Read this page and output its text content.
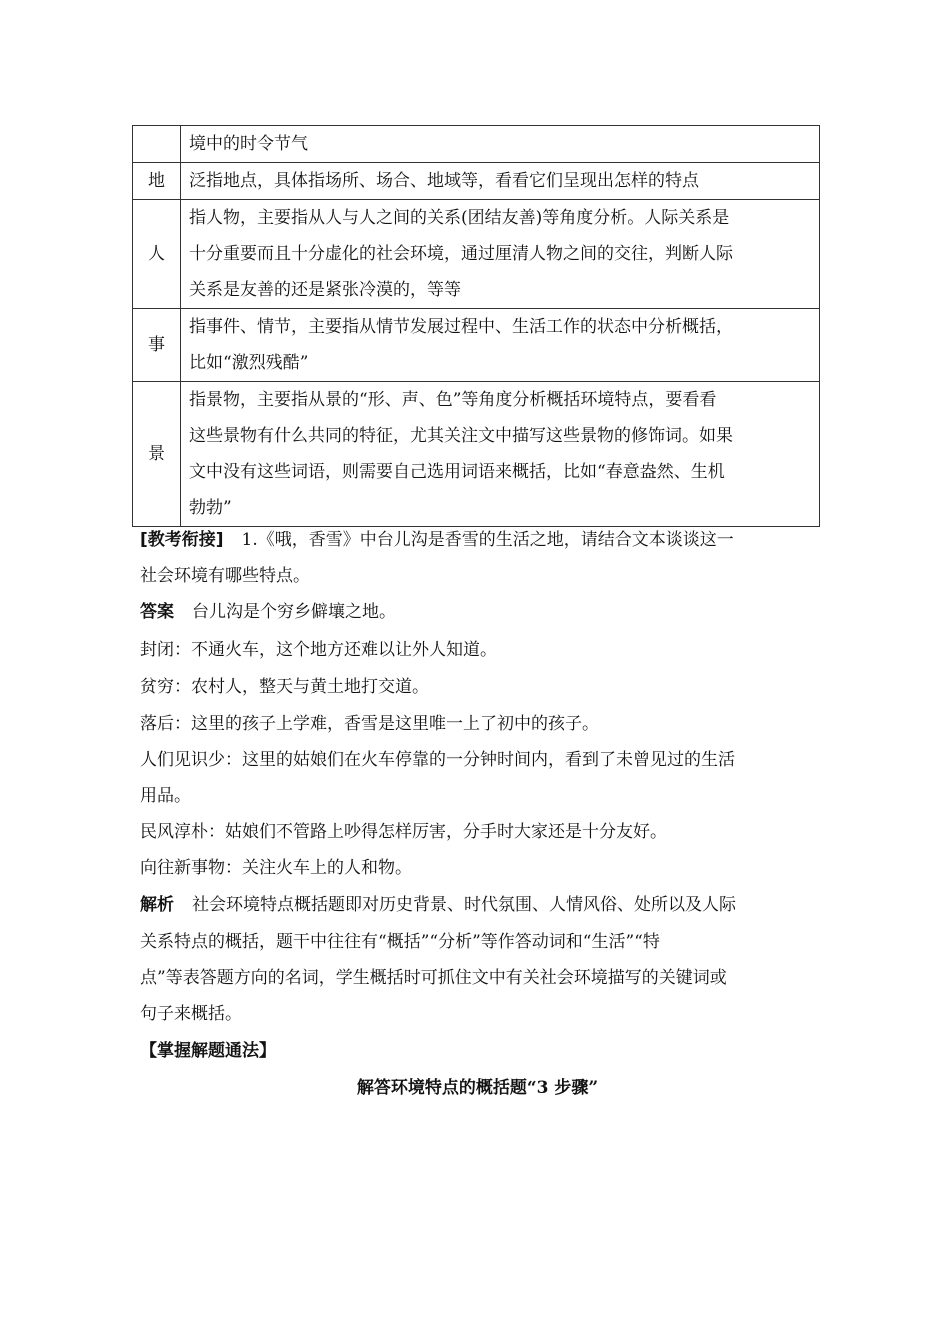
	境中的时令节气

地	泛指地点，具体指场所、场合、地域等，看看它们呈现出怎样的特点

人	指人物，主要指从人与人之间的关系(团结友善)等角度分析。人际关系是
十分重要而且十分虚化的社会环境，通过厘清人物之间的交往，判断人际
关系是友善的还是紧张冷漠的，等等

事	指事件、情节，主要指从情节发展过程中、生活工作的状态中分析概括，
比如“激烈残酷”

景	指景物，主要指从景的“形、声、色”等角度分析概括环境特点，要看看
这些景物有什么共同的特征，尤其关注文中描写这些景物的修饰词。如果
文中没有这些词语，则需要自己选用词语来概括，比如“春意盎然、生机
勃勃”
[教考衔接] 1.《哦，香雪》中台儿沟是香雪的生活之地，请结合文本谈谈这一
社会环境有哪些特点。
答案 台儿沟是个穷乡僻壤之地。
封闭：不通火车，这个地方还难以让外人知道。
贫穷：农村人，整天与黄土地打交道。
落后：这里的孩子上学难，香雪是这里唯一上了初中的孩子。
人们见识少：这里的姑娘们在火车停靠的一分钟时间内，看到了未曾见过的生活
用品。
民风淳朴：姑娘们不管路上吵得怎样厉害，分手时大家还是十分友好。
向往新事物：关注火车上的人和物。
解析 社会环境特点概括题即对历史背景、时代氛围、人情风俗、处所以及人际
关系特点的概括，题干中往往有“概括”“分析”等作答动词和“生活”“特
点”等表答题方向的名词，学生概括时可抓住文中有关社会环境描写的关键词或
句子来概括。
【掌握解题通法】
解答环境特点的概括题“3 步骤”
